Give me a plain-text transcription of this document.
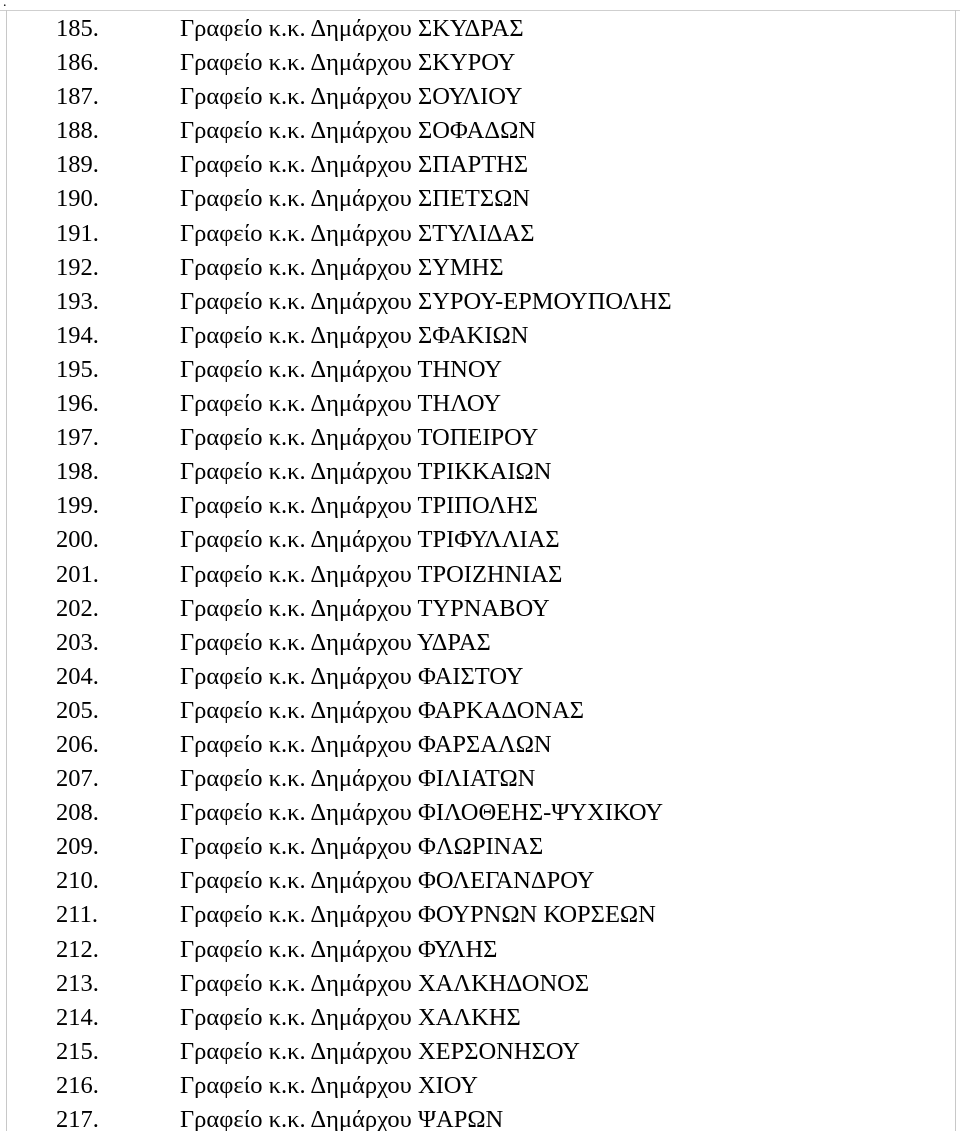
.
185.	Γραφείο κ.κ. Δημάρχου ΣΚΥΔΡΑΣ
186.	Γραφείο κ.κ. Δημάρχου ΣΚΥΡΟΥ
187.	Γραφείο κ.κ. Δημάρχου ΣΟΥΛΙΟΥ
188.	Γραφείο κ.κ. Δημάρχου ΣΟΦΑΔΩΝ
189.	Γραφείο κ.κ. Δημάρχου ΣΠΑΡΤΗΣ
190.	Γραφείο κ.κ. Δημάρχου ΣΠΕΤΣΩΝ
191.	Γραφείο κ.κ. Δημάρχου ΣΤΥΛΙΔΑΣ
192.	Γραφείο κ.κ. Δημάρχου ΣΥΜΗΣ
193.	Γραφείο κ.κ. Δημάρχου ΣΥΡΟΥ-ΕΡΜΟΥΠΟΛΗΣ
194.	Γραφείο κ.κ. Δημάρχου ΣΦΑΚΙΩΝ
195.	Γραφείο κ.κ. Δημάρχου ΤΗΝΟΥ
196.	Γραφείο κ.κ. Δημάρχου ΤΗΛΟΥ
197.	Γραφείο κ.κ. Δημάρχου ΤΟΠΕΙΡΟΥ
198.	Γραφείο κ.κ. Δημάρχου ΤΡΙΚΚΑΙΩΝ
199.	Γραφείο κ.κ. Δημάρχου ΤΡΙΠΟΛΗΣ
200.	Γραφείο κ.κ. Δημάρχου ΤΡΙΦΥΛΛΙΑΣ
201.	Γραφείο κ.κ. Δημάρχου ΤΡΟΙΖΗΝΙΑΣ
202.	Γραφείο κ.κ. Δημάρχου ΤΥΡΝΑΒΟΥ
203.	Γραφείο κ.κ. Δημάρχου ΥΔΡΑΣ
204.	Γραφείο κ.κ. Δημάρχου ΦΑΙΣΤΟΥ
205.	Γραφείο κ.κ. Δημάρχου ΦΑΡΚΑΔΟΝΑΣ
206.	Γραφείο κ.κ. Δημάρχου ΦΑΡΣΑΛΩΝ
207.	Γραφείο κ.κ. Δημάρχου ΦΙΛΙΑΤΩΝ
208.	Γραφείο κ.κ. Δημάρχου ΦΙΛΟΘΕΗΣ-ΨΥΧΙΚΟΥ
209.	Γραφείο κ.κ. Δημάρχου ΦΛΩΡΙΝΑΣ
210.	Γραφείο κ.κ. Δημάρχου ΦΟΛΕΓΑΝΔΡΟΥ
211.	Γραφείο κ.κ. Δημάρχου ΦΟΥΡΝΩΝ ΚΟΡΣΕΩΝ
212.	Γραφείο κ.κ. Δημάρχου ΦΥΛΗΣ
213.	Γραφείο κ.κ. Δημάρχου ΧΑΛΚΗΔΟΝΟΣ
214.	Γραφείο κ.κ. Δημάρχου ΧΑΛΚΗΣ
215.	Γραφείο κ.κ. Δημάρχου ΧΕΡΣΟΝΗΣΟΥ
216.	Γραφείο κ.κ. Δημάρχου ΧΙΟΥ
217.	Γραφείο κ.κ. Δημάρχου ΨΑΡΩΝ
